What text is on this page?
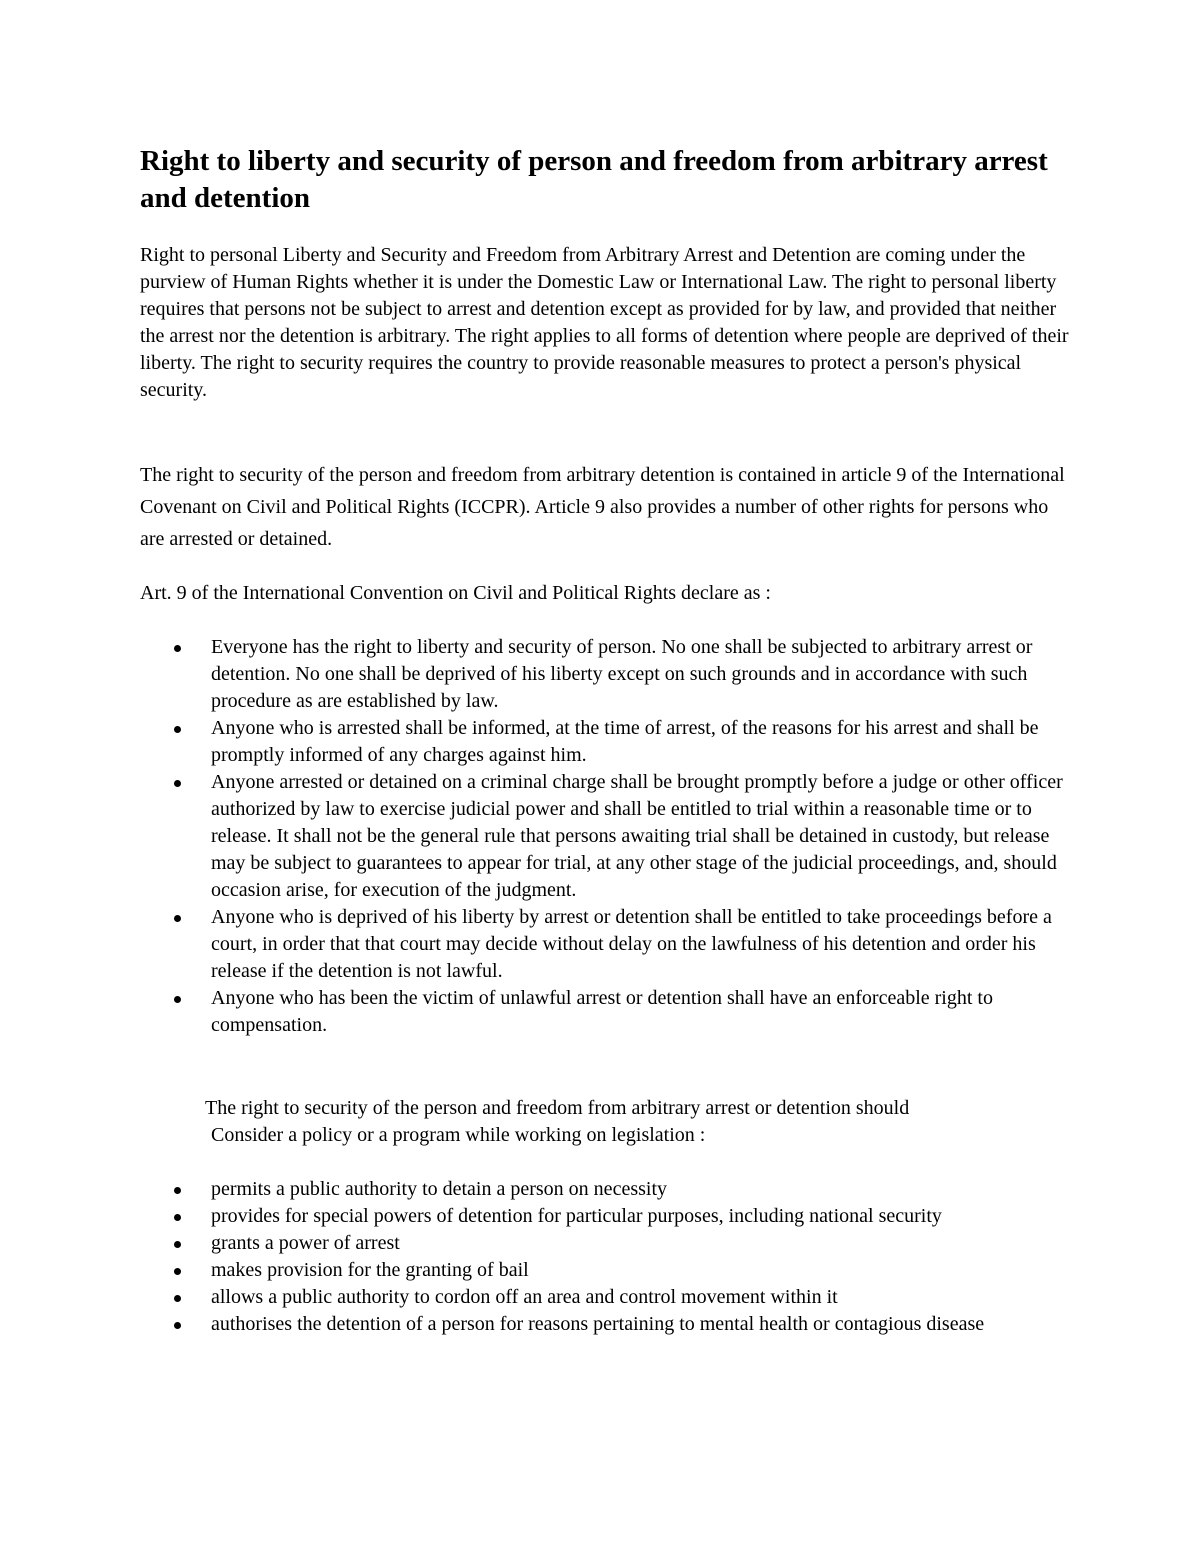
Right to liberty and security of person and freedom from arbitrary arrest and detention

Right to personal Liberty and Security and Freedom from Arbitrary Arrest and Detention are coming under the purview of Human Rights whether it is under the Domestic Law or International Law. The right to personal liberty requires that persons not be subject to arrest and detention except as provided for by law, and provided that neither the arrest nor the detention is arbitrary. The right applies to all forms of detention where people are deprived of their liberty. The right to security requires the country to provide reasonable measures to protect a person's physical security.

The right to security of the person and freedom from arbitrary detention is contained in article 9 of the International Covenant on Civil and Political Rights (ICCPR). Article 9 also provides a number of other rights for persons who are arrested or detained.

Art. 9 of the International Convention on Civil and Political Rights declare as :

Everyone has the right to liberty and security of person. No one shall be subjected to arbitrary arrest or detention. No one shall be deprived of his liberty except on such grounds and in accordance with such procedure as are established by law.
Anyone who is arrested shall be informed, at the time of arrest, of the reasons for his arrest and shall be promptly informed of any charges against him.
Anyone arrested or detained on a criminal charge shall be brought promptly before a judge or other officer authorized by law to exercise judicial power and shall be entitled to trial within a reasonable time or to release. It shall not be the general rule that persons awaiting trial shall be detained in custody, but release may be subject to guarantees to appear for trial, at any other stage of the judicial proceedings, and, should occasion arise, for execution of the judgment.
Anyone who is deprived of his liberty by arrest or detention shall be entitled to take proceedings before a court, in order that that court may decide without delay on the lawfulness of his detention and order his release if the detention is not lawful.
Anyone who has been the victim of unlawful arrest or detention shall have an enforceable right to compensation.

The right to security of the person and freedom from arbitrary arrest or detention should
Consider a policy or a program while working on legislation :

permits a public authority to detain a person on necessity
provides for special powers of detention for particular purposes, including national security
grants a power of arrest
makes provision for the granting of bail
allows a public authority to cordon off an area and control movement within it
authorises the detention of a person for reasons pertaining to mental health or contagious disease
